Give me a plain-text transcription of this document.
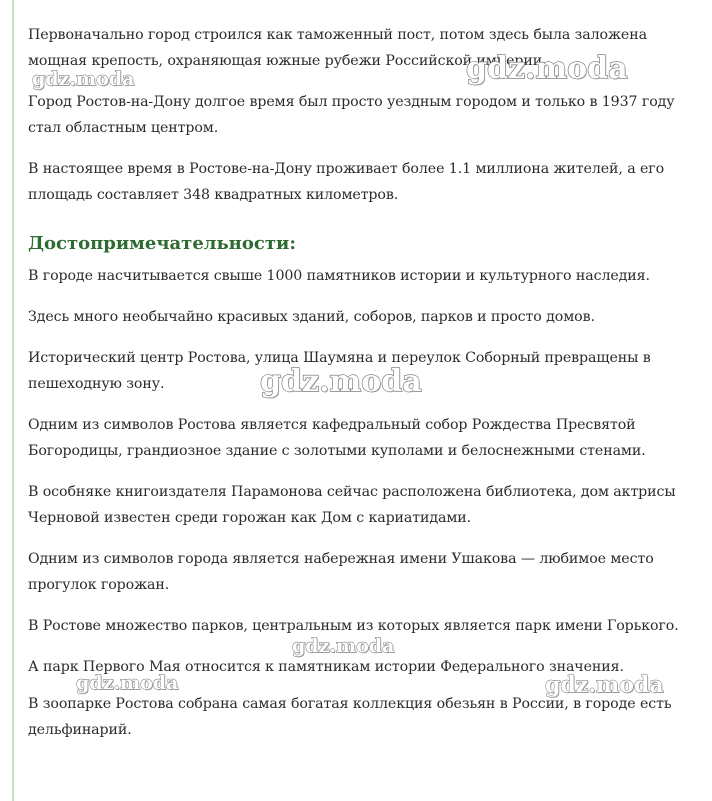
Первоначально город строился как таможенный пост, потом здесь была заложена мощная крепость, охраняющая южные рубежи Российской империи.

Город Ростов-на-Дону долгое время был просто уездным городом и только в 1937 году стал областным центром.

В настоящее время в Ростове-на-Дону проживает более 1.1 миллиона жителей, а его площадь составляет 348 квадратных километров.

Достопримечательности:

В городе насчитывается свыше 1000 памятников истории и культурного наследия.

Здесь много необычайно красивых зданий, соборов, парков и просто домов.

Исторический центр Ростова, улица Шаумяна и переулок Соборный превращены в пешеходную зону.

Одним из символов Ростова является кафедральный собор Рождества Пресвятой Богородицы, грандиозное здание с золотыми куполами и белоснежными стенами.

В особняке книгоиздателя Парамонова сейчас расположена библиотека, дом актрисы Черновой известен среди горожан как Дом с кариатидами.

Одним из символов города является набережная имени Ушакова — любимое место прогулок горожан.

В Ростове множество парков, центральным из которых является парк имени Горького.

А парк Первого Мая относится к памятникам истории Федерального значения.

В зоопарке Ростова собрана самая богатая коллекция обезьян в России, в городе есть дельфинарий.

gdz.moda	gdz.moda
gdz.moda
gdz.moda
gdz.moda	gdz.moda
